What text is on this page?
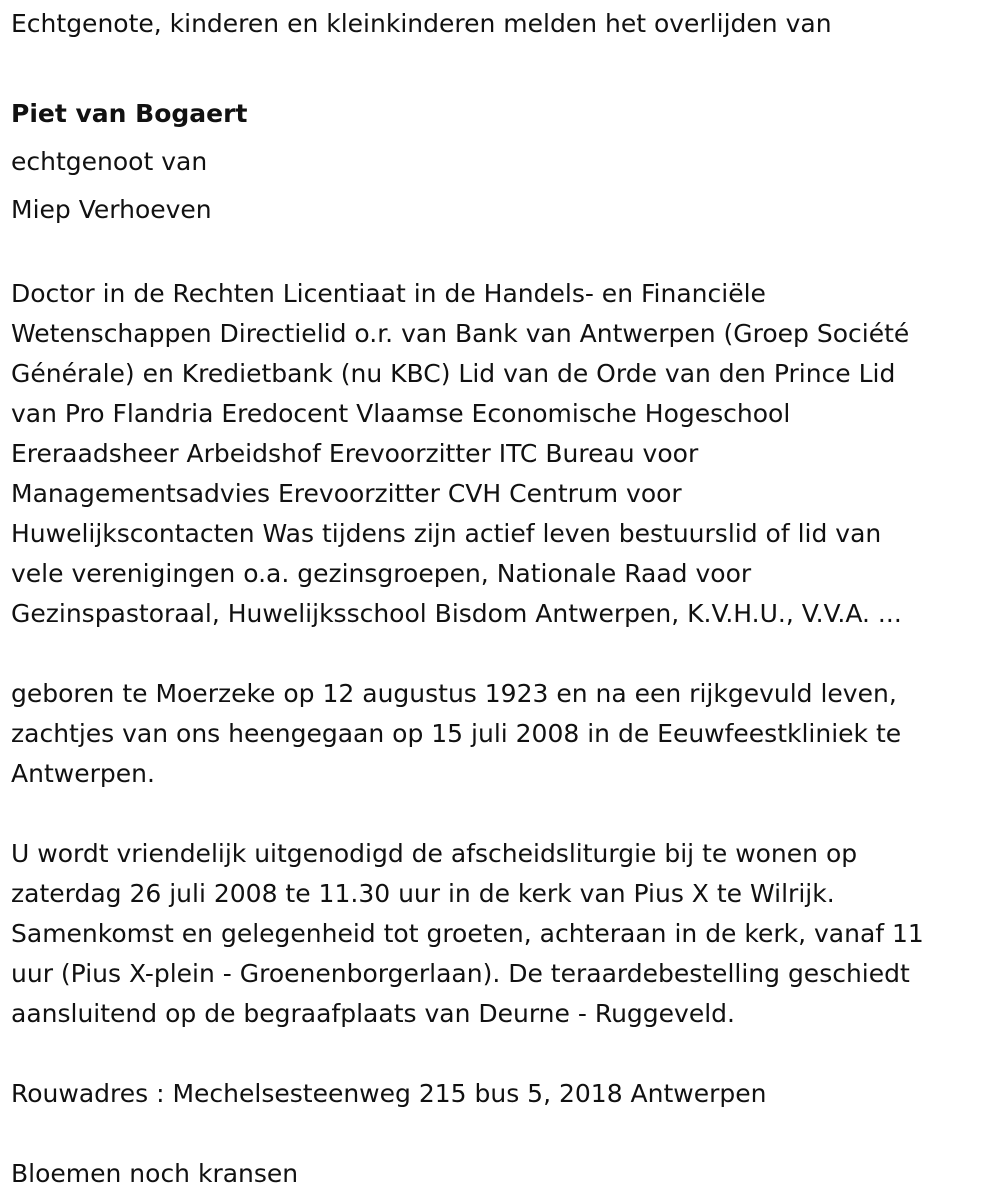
Echtgenote, kinderen en kleinkinderen melden het overlijden van
Piet van Bogaert
echtgenoot van
Miep Verhoeven
Doctor in de Rechten Licentiaat in de Handels- en Financiële
Wetenschappen Directielid o.r. van Bank van Antwerpen (Groep Société
Générale) en Kredietbank (nu KBC) Lid van de Orde van den Prince Lid
van Pro Flandria Eredocent Vlaamse Economische Hogeschool
Ereraadsheer Arbeidshof Erevoorzitter ITC Bureau voor
Managementsadvies Erevoorzitter CVH Centrum voor
Huwelijkscontacten Was tijdens zijn actief leven bestuurslid of lid van
vele verenigingen o.a. gezinsgroepen, Nationale Raad voor
Gezinspastoraal, Huwelijksschool Bisdom Antwerpen, K.V.H.U., V.V.A. ...
geboren te Moerzeke op 12 augustus 1923 en na een rijkgevuld leven,
zachtjes van ons heengegaan op 15 juli 2008 in de Eeuwfeestkliniek te
Antwerpen.
U wordt vriendelijk uitgenodigd de afscheidsliturgie bij te wonen op
zaterdag 26 juli 2008 te 11.30 uur in de kerk van Pius X te Wilrijk.
Samenkomst en gelegenheid tot groeten, achteraan in de kerk, vanaf 11
uur (Pius X-plein - Groenenborgerlaan). De teraardebestelling geschiedt
aansluitend op de begraafplaats van Deurne - Ruggeveld.
Rouwadres : Mechelsesteenweg 215 bus 5, 2018 Antwerpen
Bloemen noch kransen
